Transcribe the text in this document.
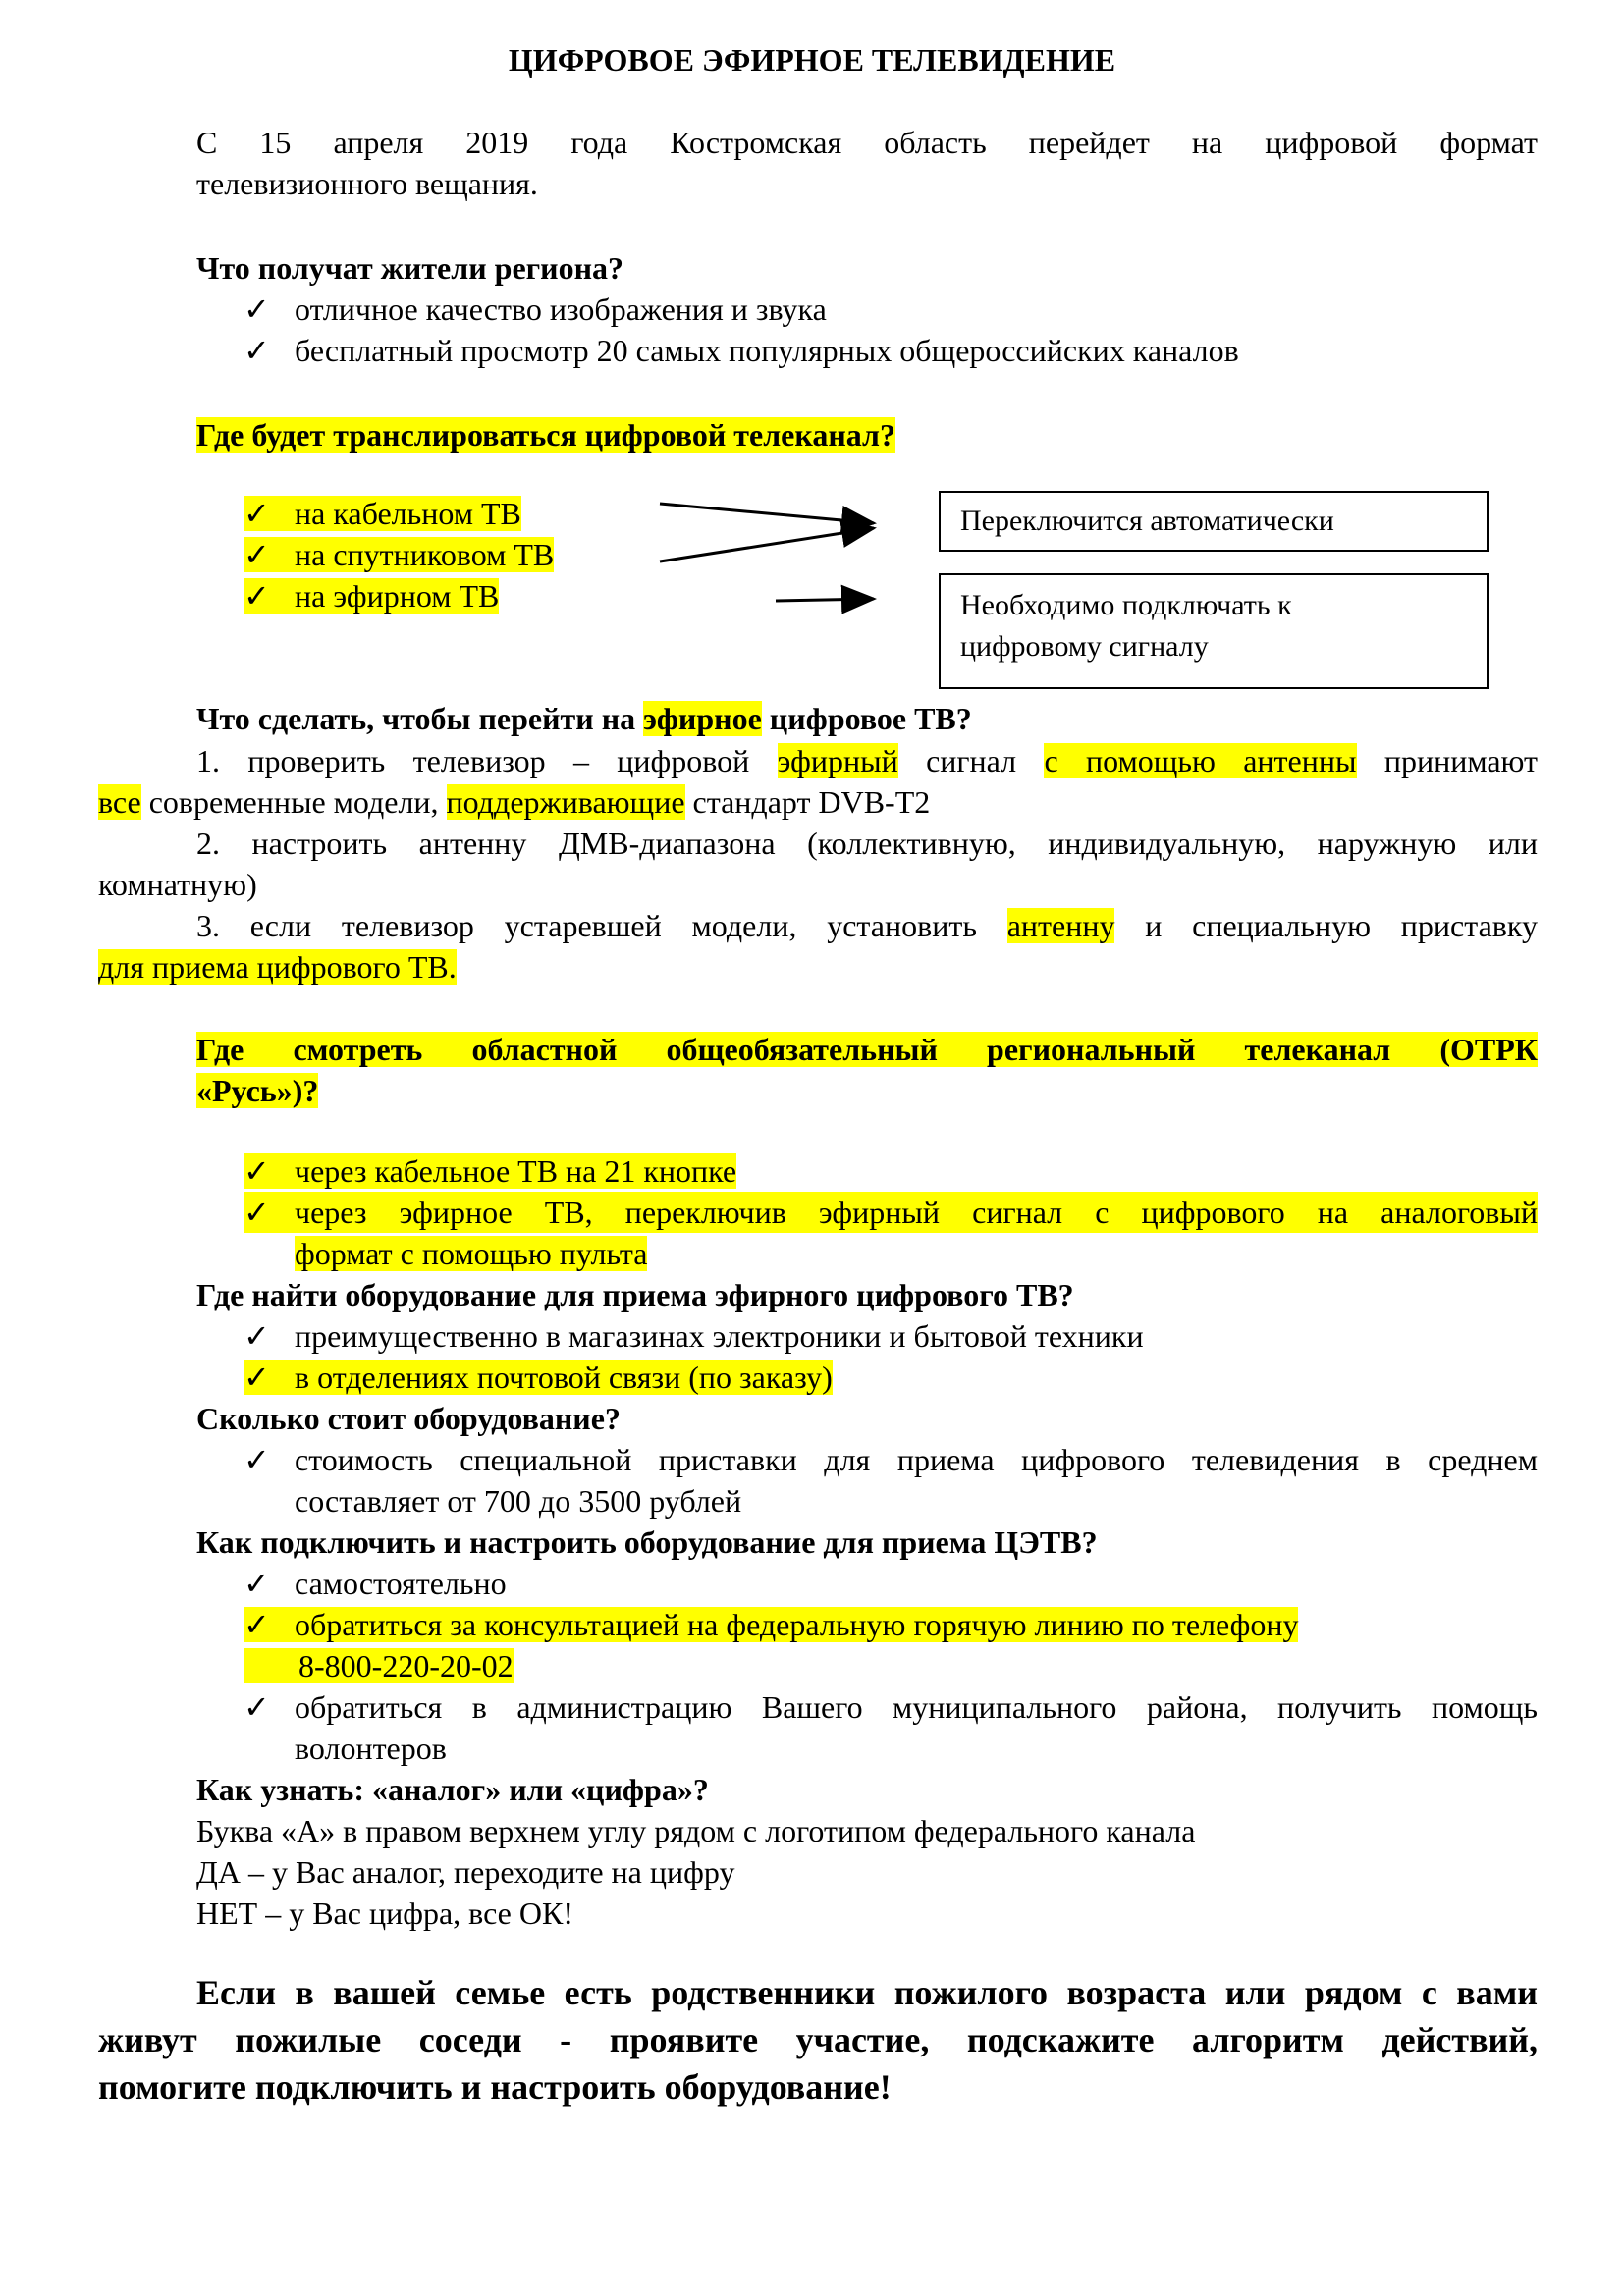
ЦИФРОВОЕ ЭФИРНОЕ ТЕЛЕВИДЕНИЕ
С 15 апреля 2019 года Костромская область перейдет на цифровой формат
телевизионного вещания.
Что получат жители региона?
✓ отличное качество изображения и звука
✓ бесплатный просмотр 20 самых популярных общероссийских каналов
Где будет транслироваться цифровой телеканал?
✓ на кабельном ТВ
✓ на спутниковом ТВ
✓ на эфирном ТВ
Переключится автоматически
Необходимо подключать к
цифровому сигналу
Что сделать, чтобы перейти на эфирное цифровое ТВ?
1. проверить телевизор – цифровой эфирный сигнал с помощью антенны принимают
все современные модели, поддерживающие стандарт DVB-T2
2. настроить антенну ДМВ-диапазона (коллективную, индивидуальную, наружную или
комнатную)
3. если телевизор устаревшей модели, установить антенну и специальную приставку
для приема цифрового ТВ.
Где смотреть областной общеобязательный региональный телеканал (ОТРК
«Русь»)?
✓ через кабельное ТВ на 21 кнопке
✓ через эфирное ТВ, переключив эфирный сигнал с цифрового на аналоговый
формат с помощью пульта
Где найти оборудование для приема эфирного цифрового ТВ?
✓ преимущественно в магазинах электроники и бытовой техники
✓ в отделениях почтовой связи (по заказу)
Сколько стоит оборудование?
✓ стоимость специальной приставки для приема цифрового телевидения в среднем
составляет от 700 до 3500 рублей
Как подключить и настроить оборудование для приема ЦЭТВ?
✓ самостоятельно
✓ обратиться за консультацией на федеральную горячую линию по телефону
8-800-220-20-02
✓ обратиться в администрацию Вашего муниципального района, получить помощь
волонтеров
Как узнать: «аналог» или «цифра»?
Буква «А» в правом верхнем углу рядом с логотипом федерального канала
ДА – у Вас аналог, переходите на цифру
НЕТ – у Вас цифра, все ОК!
Если в вашей семье есть родственники пожилого возраста или рядом с вами
живут пожилые соседи - проявите участие, подскажите алгоритм действий,
помогите подключить и настроить оборудование!
